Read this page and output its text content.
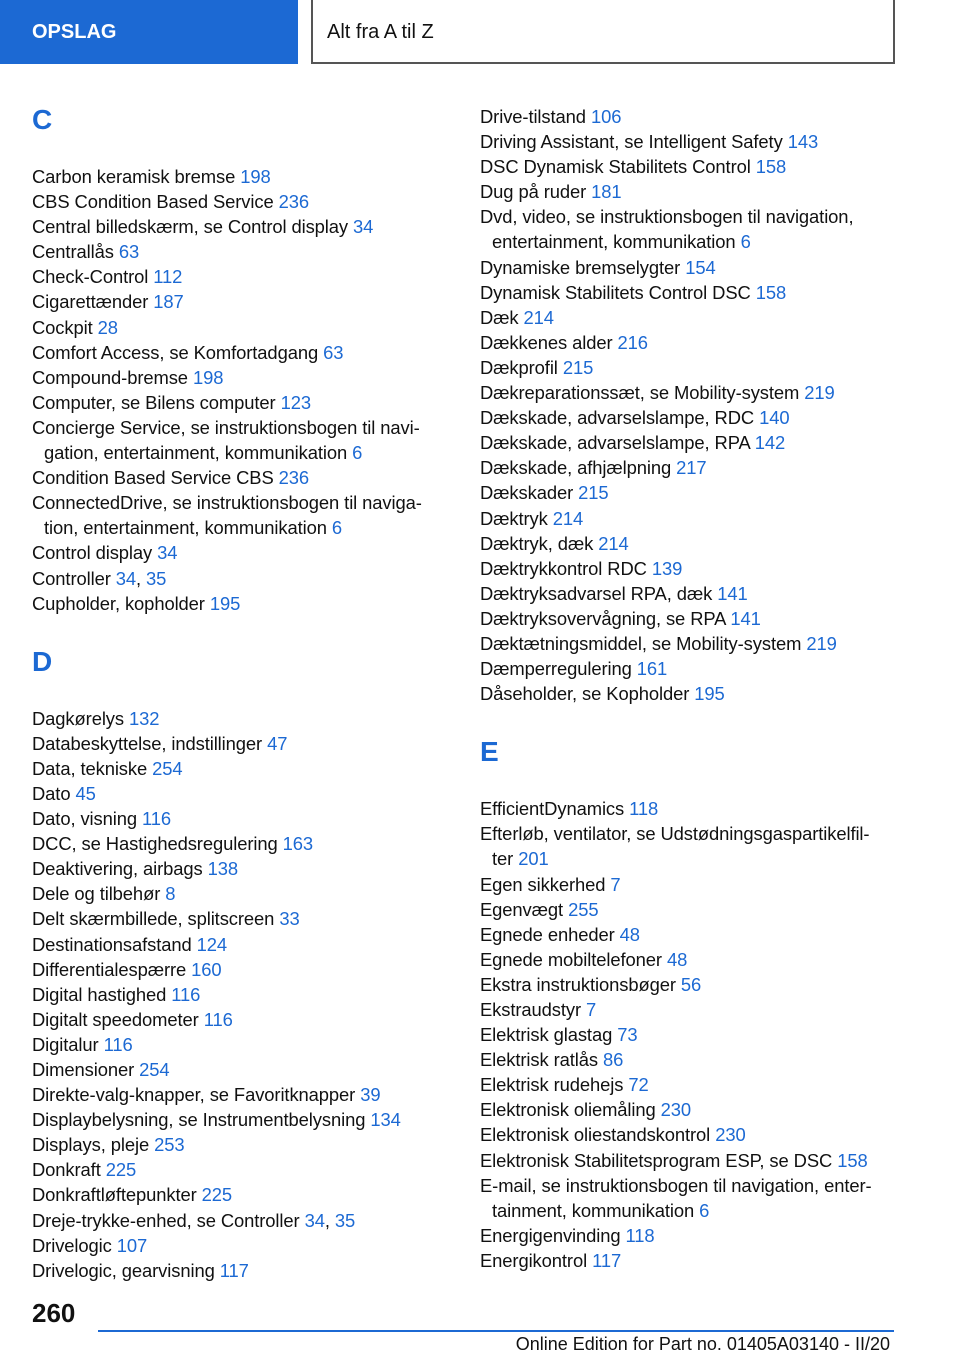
OPSLAG	Alt fra A til Z
C
Carbon keramisk bremse 198
CBS Condition Based Service 236
Central billedskærm, se Control display 34
Centrallås 63
Check-Control 112
Cigarettænder 187
Cockpit 28
Comfort Access, se Komfortadgang 63
Compound-bremse 198
Computer, se Bilens computer 123
Concierge Service, se instruktionsbogen til navi-
gation, entertainment, kommunikation 6
Condition Based Service CBS 236
ConnectedDrive, se instruktionsbogen til naviga-
tion, entertainment, kommunikation 6
Control display 34
Controller 34, 35
Cupholder, kopholder 195
D
Dagkørelys 132
Databeskyttelse, indstillinger 47
Data, tekniske 254
Dato 45
Dato, visning 116
DCC, se Hastighedsregulering 163
Deaktivering, airbags 138
Dele og tilbehør 8
Delt skærmbillede, splitscreen 33
Destinationsafstand 124
Differentialespærre 160
Digital hastighed 116
Digitalt speedometer 116
Digitalur 116
Dimensioner 254
Direkte-valg-knapper, se Favoritknapper 39
Displaybelysning, se Instrumentbelysning 134
Displays, pleje 253
Donkraft 225
Donkraftløftepunkter 225
Dreje-trykke-enhed, se Controller 34, 35
Drivelogic 107
Drivelogic, gearvisning 117
Drive-tilstand 106
Driving Assistant, se Intelligent Safety 143
DSC Dynamisk Stabilitets Control 158
Dug på ruder 181
Dvd, video, se instruktionsbogen til navigation,
entertainment, kommunikation 6
Dynamiske bremselygter 154
Dynamisk Stabilitets Control DSC 158
Dæk 214
Dækkenes alder 216
Dækprofil 215
Dækreparationssæt, se Mobility-system 219
Dækskade, advarselslampe, RDC 140
Dækskade, advarselslampe, RPA 142
Dækskade, afhjælpning 217
Dækskader 215
Dæktryk 214
Dæktryk, dæk 214
Dæktrykkontrol RDC 139
Dæktryksadvarsel RPA, dæk 141
Dæktryksovervågning, se RPA 141
Dæktætningsmiddel, se Mobility-system 219
Dæmperregulering 161
Dåseholder, se Kopholder 195
E
EfficientDynamics 118
Efterløb, ventilator, se Udstødningsgaspartikelfil-
ter 201
Egen sikkerhed 7
Egenvægt 255
Egnede enheder 48
Egnede mobiltelefoner 48
Ekstra instruktionsbøger 56
Ekstraudstyr 7
Elektrisk glastag 73
Elektrisk ratlås 86
Elektrisk rudehejs 72
Elektronisk oliemåling 230
Elektronisk oliestandskontrol 230
Elektronisk Stabilitetsprogram ESP, se DSC 158
E-mail, se instruktionsbogen til navigation, enter-
tainment, kommunikation 6
Energigenvinding 118
Energikontrol 117
260
Online Edition for Part no. 01405A03140 - II/20
